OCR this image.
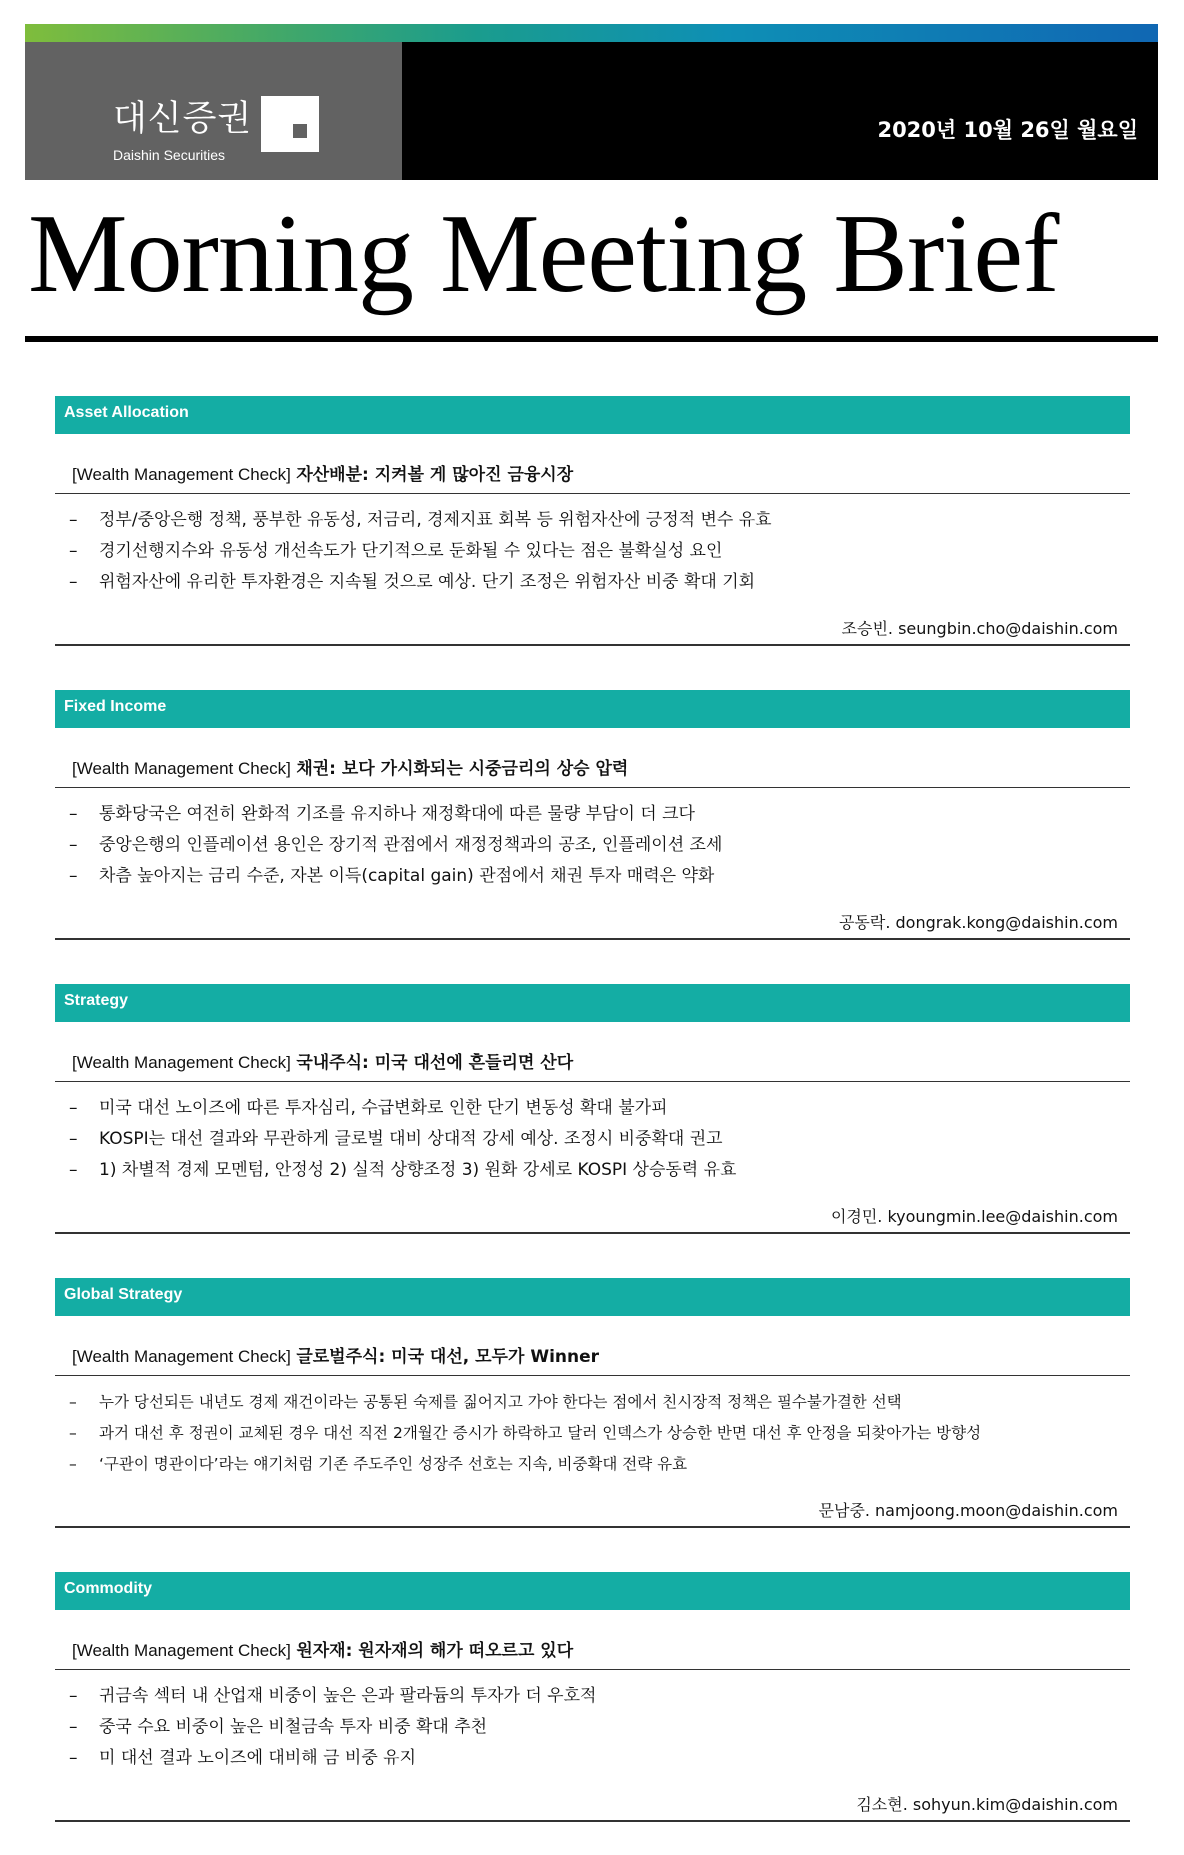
대신증권
Daishin Securities
2020년 10월 26일 월요일
Morning Meeting Brief
Asset Allocation
[Wealth Management Check] 자산배분: 지켜볼 게 많아진 금융시장
– 정부/중앙은행 정책, 풍부한 유동성, 저금리, 경제지표 회복 등 위험자산에 긍정적 변수 유효
– 경기선행지수와 유동성 개선속도가 단기적으로 둔화될 수 있다는 점은 불확실성 요인
– 위험자산에 유리한 투자환경은 지속될 것으로 예상. 단기 조정은 위험자산 비중 확대 기회
조승빈. seungbin.cho@daishin.com
Fixed Income
[Wealth Management Check] 채권: 보다 가시화되는 시중금리의 상승 압력
– 통화당국은 여전히 완화적 기조를 유지하나 재정확대에 따른 물량 부담이 더 크다
– 중앙은행의 인플레이션 용인은 장기적 관점에서 재정정책과의 공조, 인플레이션 조세
– 차츰 높아지는 금리 수준, 자본 이득(capital gain) 관점에서 채권 투자 매력은 약화
공동락. dongrak.kong@daishin.com
Strategy
[Wealth Management Check] 국내주식: 미국 대선에 흔들리면 산다
– 미국 대선 노이즈에 따른 투자심리, 수급변화로 인한 단기 변동성 확대 불가피
– KOSPI는 대선 결과와 무관하게 글로벌 대비 상대적 강세 예상. 조정시 비중확대 권고
– 1) 차별적 경제 모멘텀, 안정성 2) 실적 상향조정 3) 원화 강세로 KOSPI 상승동력 유효
이경민. kyoungmin.lee@daishin.com
Global Strategy
[Wealth Management Check] 글로벌주식: 미국 대선, 모두가 Winner
– 누가 당선되든 내년도 경제 재건이라는 공통된 숙제를 짊어지고 가야 한다는 점에서 친시장적 정책은 필수불가결한 선택
– 과거 대선 후 정권이 교체된 경우 대선 직전 2개월간 증시가 하락하고 달러 인덱스가 상승한 반면 대선 후 안정을 되찾아가는 방향성
– ‘구관이 명관이다’라는 얘기처럼 기존 주도주인 성장주 선호는 지속, 비중확대 전략 유효
문남중. namjoong.moon@daishin.com
Commodity
[Wealth Management Check] 원자재: 원자재의 해가 떠오르고 있다
– 귀금속 섹터 내 산업재 비중이 높은 은과 팔라듐의 투자가 더 우호적
– 중국 수요 비중이 높은 비철금속 투자 비중 확대 추천
– 미 대선 결과 노이즈에 대비해 금 비중 유지
김소현. sohyun.kim@daishin.com
